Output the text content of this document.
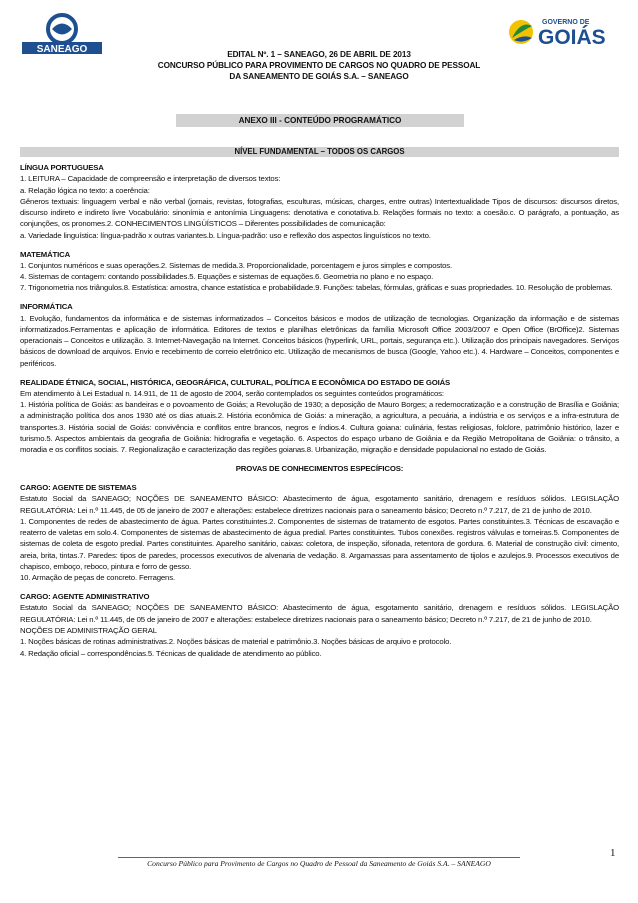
SANEAGO
GOVERNO DE
GOIÁS
EDITAL Nº. 1 – SANEAGO, 26 DE ABRIL DE 2013
CONCURSO PÚBLICO PARA PROVIMENTO DE CARGOS NO QUADRO DE PESSOAL
DA SANEAMENTO DE GOIÁS S.A. – SANEAGO
ANEXO III - CONTEÚDO PROGRAMÁTICO
NÍVEL FUNDAMENTAL – TODOS OS CARGOS
LÍNGUA PORTUGUESA
1. LEITURA – Capacidade de compreensão e interpretação de diversos textos:
a. Relação lógica no texto: a coerência:
Gêneros textuais: linguagem verbal e não verbal (jornais, revistas, fotografias, esculturas, músicas, charges, entre outras) Intertextualidade Tipos de discursos: discursos diretos, discurso indireto e indireto livre Vocabulário: sinonímia e antonímia Linguagens: denotativa e conotativa.b. Relações formais no texto: a coesão.c. O parágrafo, a pontuação, as conjunções, os pronomes.2. CONHECIMENTOS LINGÜÍSTICOS – Diferentes possibilidades de comunicação:
a. Variedade linguística: língua-padrão x outras variantes.b. Língua-padrão: uso e reflexão dos aspectos linguísticos no texto.
MATEMÁTICA
1. Conjuntos numéricos e suas operações.2. Sistemas de medida.3. Proporcionalidade, porcentagem e juros simples e compostos.
4. Sistemas de contagem: contando possibilidades.5. Equações e sistemas de equações.6. Geometria no plano e no espaço.
7. Trigonometria nos triângulos.8. Estatística: amostra, chance estatística e probabilidade.9. Funções: tabelas, fórmulas, gráficas e suas propriedades. 10. Resolução de problemas.
INFORMÁTICA
1. Evolução, fundamentos da informática e de sistemas informatizados – Conceitos básicos e modos de utilização de tecnologias. Organização da informação e de sistemas informatizados.Ferramentas e aplicação de informática. Editores de textos e planilhas eletrônicas da família Microsoft Office 2003/2007 e Open Office (BrOffice)2. Sistemas operacionais – Conceitos e utilização. 3. Internet-Navegação na Internet. Conceitos básicos (hyperlink, URL, portais, segurança etc.). Utilização dos principais navegadores. Serviços básicos de download de arquivos. Envio e recebimento de correio eletrônico etc. Utilização de mecanismos de busca (Google, Yahoo etc.). 4. Hardware – Conceitos, componentes e periféricos.
REALIDADE ÉTNICA, SOCIAL, HISTÓRICA, GEOGRÁFICA, CULTURAL, POLÍTICA E ECONÔMICA DO ESTADO DE GOIÁS
Em atendimento à Lei Estadual n. 14.911, de 11 de agosto de 2004, serão contemplados os seguintes conteúdos programáticos:
1. História política de Goiás: as bandeiras e o povoamento de Goiás; a Revolução de 1930; a deposição de Mauro Borges; a redemocratização e a construção de Brasília e Goiânia; a administração política dos anos 1930 até os dias atuais.2. História econômica de Goiás: a mineração, a agricultura, a pecuária, a indústria e os serviços e a infra-estrutura de transportes.3. História social de Goiás: convivência e conflitos entre brancos, negros e índios.4. Cultura goiana: culinária, festas religiosas, folclore, patrimônio histórico, lazer e turismo.5. Aspectos ambientais da geografia de Goiânia: hidrografia e vegetação. 6. Aspectos do espaço urbano de Goiânia e da Região Metropolitana de Goiânia: o trânsito, a moradia e os conflitos sociais. 7. Regionalização e caracterização das regiões goianas.8. Urbanização, migração e densidade populacional no estado de Goiás.
PROVAS DE CONHECIMENTOS ESPECÍFICOS:
CARGO: AGENTE DE SISTEMAS
Estatuto Social da SANEAGO; NOÇÕES DE SANEAMENTO BÁSICO: Abastecimento de água, esgotamento sanitário, drenagem e resíduos sólidos. LEGISLAÇÃO REGULATÓRIA: Lei n.º 11.445, de 05 de janeiro de 2007 e alterações: estabelece diretrizes nacionais para o saneamento básico; Decreto n.º 7.217, de 21 de junho de 2010.
1. Componentes de redes de abastecimento de água. Partes constituintes.2. Componentes de sistemas de tratamento de esgotos. Partes constituintes.3. Técnicas de escavação e reaterro de valetas em solo.4. Componentes de sistemas de abastecimento de água predial. Partes constituintes. Tubos conexões. registros válvulas e torneiras.5. Componentes de sistemas de coleta de esgoto predial. Partes constituintes. Aparelho sanitário, caixas: coletora, de inspeção, sifonada, retentora de gordura. 6. Material de construção civil: cimento, areia, brita, tintas.7. Paredes: tipos de paredes, processos executivos de alvenaria de vedação. 8. Argamassas para assentamento de tijolos e azulejos.9. Processos executivos de chapisco, emboço, reboco, pintura e forro de gesso.
10. Armação de peças de concreto. Ferragens.
CARGO: AGENTE ADMINISTRATIVO
Estatuto Social da SANEAGO; NOÇÕES DE SANEAMENTO BÁSICO: Abastecimento de água, esgotamento sanitário, drenagem e resíduos sólidos. LEGISLAÇÃO REGULATÓRIA: Lei n.º 11.445, de 05 de janeiro de 2007 e alterações: estabelece diretrizes nacionais para o saneamento básico; Decreto n.º 7.217, de 21 de junho de 2010.
NOÇÕES DE ADMINISTRAÇÃO GERAL
1. Noções básicas de rotinas administrativas.2. Noções básicas de material e patrimônio.3. Noções básicas de arquivo e protocolo.
4. Redação oficial – correspondências.5. Técnicas de qualidade de atendimento ao público.
1
Concurso Público para Provimento de Cargos no Quadro de Pessoal da Saneamento de Goiás S.A. – SANEAGO
